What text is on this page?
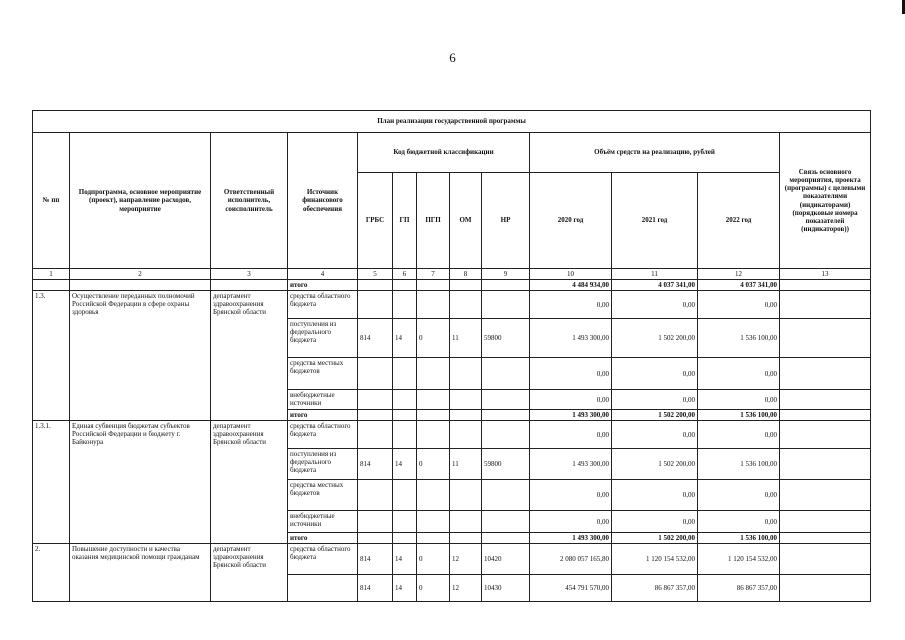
6
План реализации государственной программы												
№ пп	Подпрограмма, основное мероприятие (проект), направление расходов, мероприятие	Ответственный исполнитель, соисполнитель	Источник финансового обеспечения	Код бюджетной классификации					Объём средств на реализацию, рублей			Связь основного мероприятия, проекта (программы) с целевыми показателями (индикаторами) (порядковые номера показателей (индикаторов))
				ГРБС	ГП	ПГП	ОМ	НР	2020 год	2021 год	2022 год	
1	2	3	4	5	6	7	8	9	10	11	12	13
			итого						4 484 934,00	4 037 341,00	4 037 341,00	
1.3.	Осуществление переданных полномочий Российской Федерации в сфере охраны здоровья	департамент здравоохранения Брянской области	средства областного бюджета						0,00	0,00	0,00	
			поступления из федерального бюджета	814	14	0	11	59800	1 493 300,00	1 502 200,00	1 536 100,00	
			средства местных бюджетов						0,00	0,00	0,00	
			внебюджетные источники						0,00	0,00	0,00	
			итого						1 493 300,00	1 502 200,00	1 536 100,00	
1.3.1.	Единая субвенция бюджетам субъектов Российской Федерации и бюджету г. Байконура	департамент здравоохранения Брянской области	средства областного бюджета						0,00	0,00	0,00	
			поступления из федерального бюджета	814	14	0	11	59800	1 493 300,00	1 502 200,00	1 536 100,00	
			средства местных бюджетов						0,00	0,00	0,00	
			внебюджетные источники						0,00	0,00	0,00	
			итого						1 493 300,00	1 502 200,00	1 536 100,00	
2.	Повышение доступности и качества оказания медицинской помощи гражданам	департамент здравоохранения Брянской области	средства областного бюджета	814	14	0	12	10420	2 080 057 165,80	1 120 154 532,00	1 120 154 532,00	
				814	14	0	12	10430	454 791 570,00	86 867 357,00	86 867 357,00	
